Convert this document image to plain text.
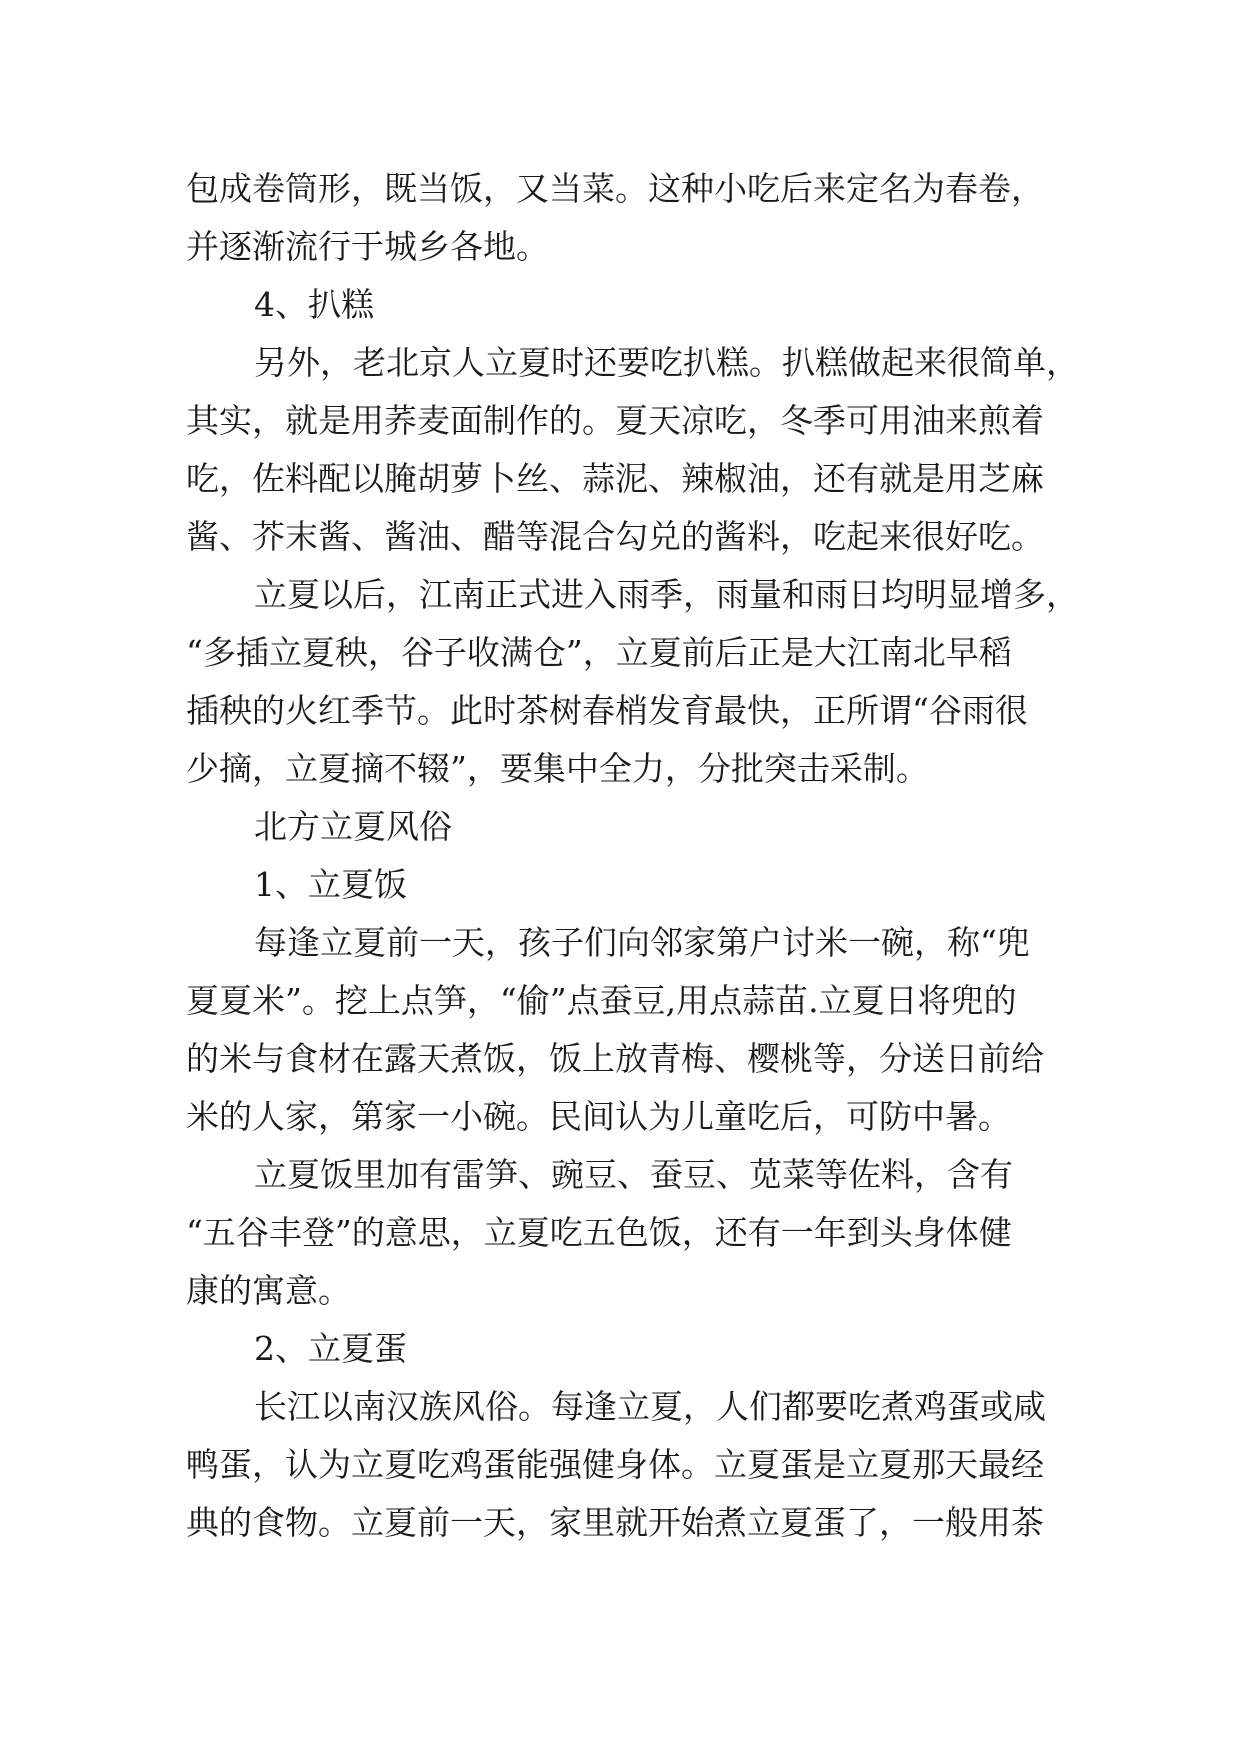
包成卷筒形，既当饭，又当菜。这种小吃后来定名为春卷，
并逐渐流行于城乡各地。
4、扒糕
另外，老北京人立夏时还要吃扒糕。扒糕做起来很简单，
其实，就是用荞麦面制作的。夏天凉吃，冬季可用油来煎着
吃，佐料配以腌胡萝卜丝、蒜泥、辣椒油，还有就是用芝麻
酱、芥末酱、酱油、醋等混合勾兑的酱料，吃起来很好吃。
立夏以后，江南正式进入雨季，雨量和雨日均明显增多，
“多插立夏秧，谷子收满仓”，立夏前后正是大江南北早稻
插秧的火红季节。此时茶树春梢发育最快，正所谓“谷雨很
少摘，立夏摘不辍”，要集中全力，分批突击采制。
北方立夏风俗
1、立夏饭
每逢立夏前一天，孩子们向邻家第户讨米一碗，称“兜
夏夏米”。挖上点笋，“偷”点蚕豆,用点蒜苗.立夏日将兜的
的米与食材在露天煮饭，饭上放青梅、樱桃等，分送日前给
米的人家，第家一小碗。民间认为儿童吃后，可防中暑。
立夏饭里加有雷笋、豌豆、蚕豆、苋菜等佐料，含有
“五谷丰登”的意思，立夏吃五色饭，还有一年到头身体健
康的寓意。
2、立夏蛋
长江以南汉族风俗。每逢立夏，人们都要吃煮鸡蛋或咸
鸭蛋，认为立夏吃鸡蛋能强健身体。立夏蛋是立夏那天最经
典的食物。立夏前一天，家里就开始煮立夏蛋了，一般用茶
